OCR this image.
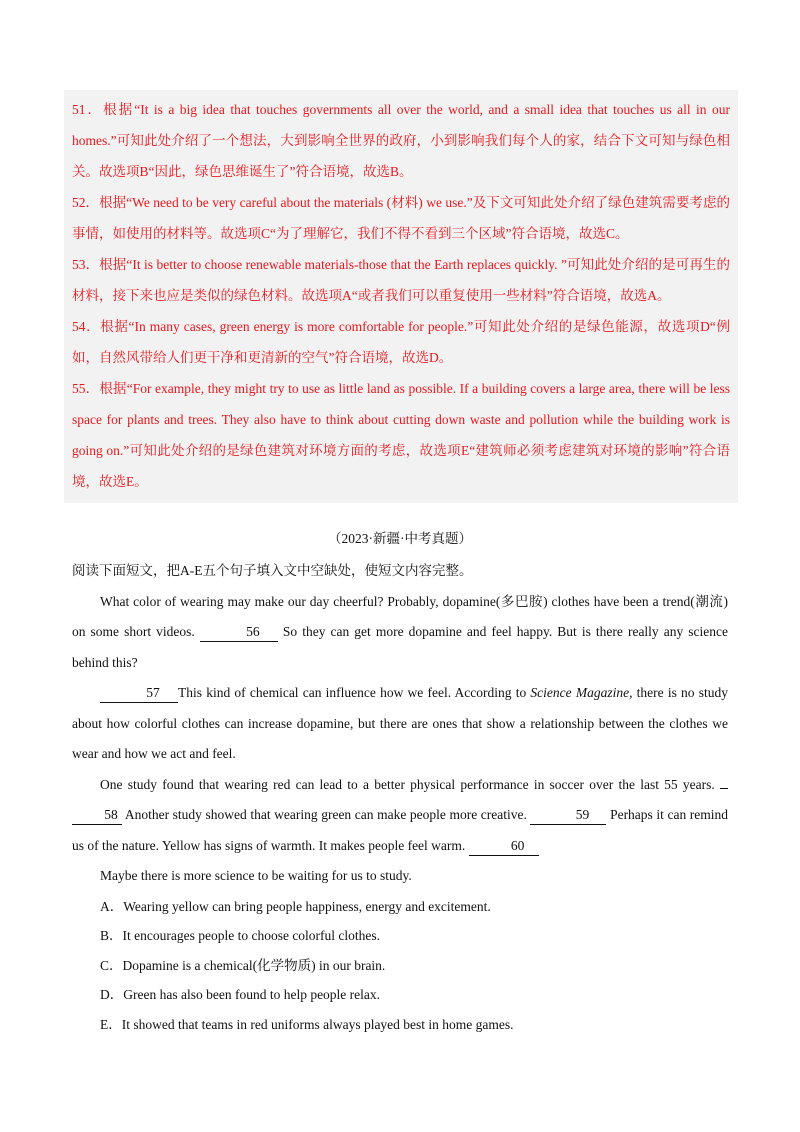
51．根据“It is a big idea that touches governments all over the world, and a small idea that touches us all in our homes.”可知此处介绍了一个想法，大到影响全世界的政府，小到影响我们每个人的家，结合下文可知与绿色相关。故选项B“因此，绿色思维诞生了”符合语境，故选B。

52．根据“We need to be very careful about the materials (材料) we use.”及下文可知此处介绍了绿色建筑需要考虑的事情，如使用的材料等。故选项C“为了理解它，我们不得不看到三个区域”符合语境，故选C。

53．根据“It is better to choose renewable materials-those that the Earth replaces quickly. ”可知此处介绍的是可再生的材料，接下来也应是类似的绿色材料。故选项A“或者我们可以重复使用一些材料”符合语境，故选A。

54．根据“In many cases, green energy is more comfortable for people.”可知此处介绍的是绿色能源，故选项D“例如，自然风带给人们更干净和更清新的空气”符合语境，故选D。

55．根据“For example, they might try to use as little land as possible. If a building covers a large area, there will be less space for plants and trees. They also have to think about cutting down waste and pollution while the building work is going on.”可知此处介绍的是绿色建筑对环境方面的考虑，故选项E“建筑师必须考虑建筑对环境的影响”符合语境，故选E。

（2023·新疆·中考真题）

阅读下面短文，把A-E五个句子填入文中空缺处，使短文内容完整。

What color of wearing may make our day cheerful? Probably, dopamine(多巴胺) clothes have been a trend(潮流) on some short videos.	56 So they can get more dopamine and feel happy. But is there really any science behind this?

57 This kind of chemical can influence how we feel. According to Science Magazine, there is no study about how colorful clothes can increase dopamine, but there are ones that show a relationship between the clothes we wear and how we act and feel.

One study found that wearing red can lead to a better physical performance in soccer over the last 55 years.  58 Another study showed that wearing green can make people more creative.	59 Perhaps it can remind us of the nature. Yellow has signs of warmth. It makes people feel warm.	60

Maybe there is more science to be waiting for us to study.

A．Wearing yellow can bring people happiness, energy and excitement.
B．It encourages people to choose colorful clothes.
C．Dopamine is a chemical(化学物质) in our brain.
D．Green has also been found to help people relax.
E．It showed that teams in red uniforms always played best in home games.
